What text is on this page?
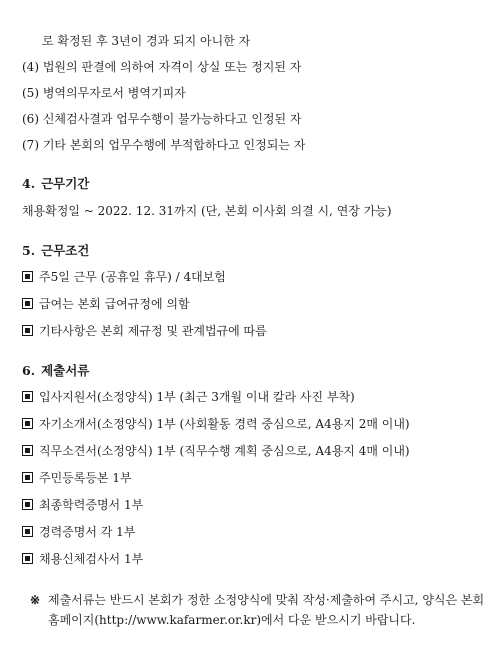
로 확정된 후 3년이 경과 되지 아니한 자
(4) 법원의 판결에 의하여 자격이 상실 또는 정지된 자
(5) 병역의무자로서 병역기피자
(6) 신체검사결과 업무수행이 불가능하다고 인정된 자
(7) 기타 본회의 업무수행에 부적합하다고 인정되는 자
4. 근무기간
채용확정일 ~ 2022. 12. 31까지 (단, 본회 이사회 의결 시, 연장 가능)
5. 근무조건
주5일 근무 (공휴일 휴무) / 4대보험
급여는 본회 급여규정에 의함
기타사항은 본회 제규정 및 관계법규에 따름
6. 제출서류
입사지원서(소정양식) 1부 (최근 3개월 이내 칼라 사진 부착)
자기소개서(소정양식) 1부 (사회활동 경력 중심으로, A4용지 2매 이내)
직무소견서(소정양식) 1부 (직무수행 계획 중심으로, A4용지 4매 이내)
주민등록등본 1부
최종학력증명서 1부
경력증명서 각 1부
채용신체검사서 1부
※ 제출서류는 반드시 본회가 정한 소정양식에 맞춰 작성·제출하여 주시고, 양식은 본회 홈페이지(http://www.kafarmer.or.kr)에서 다운 받으시기 바랍니다.
